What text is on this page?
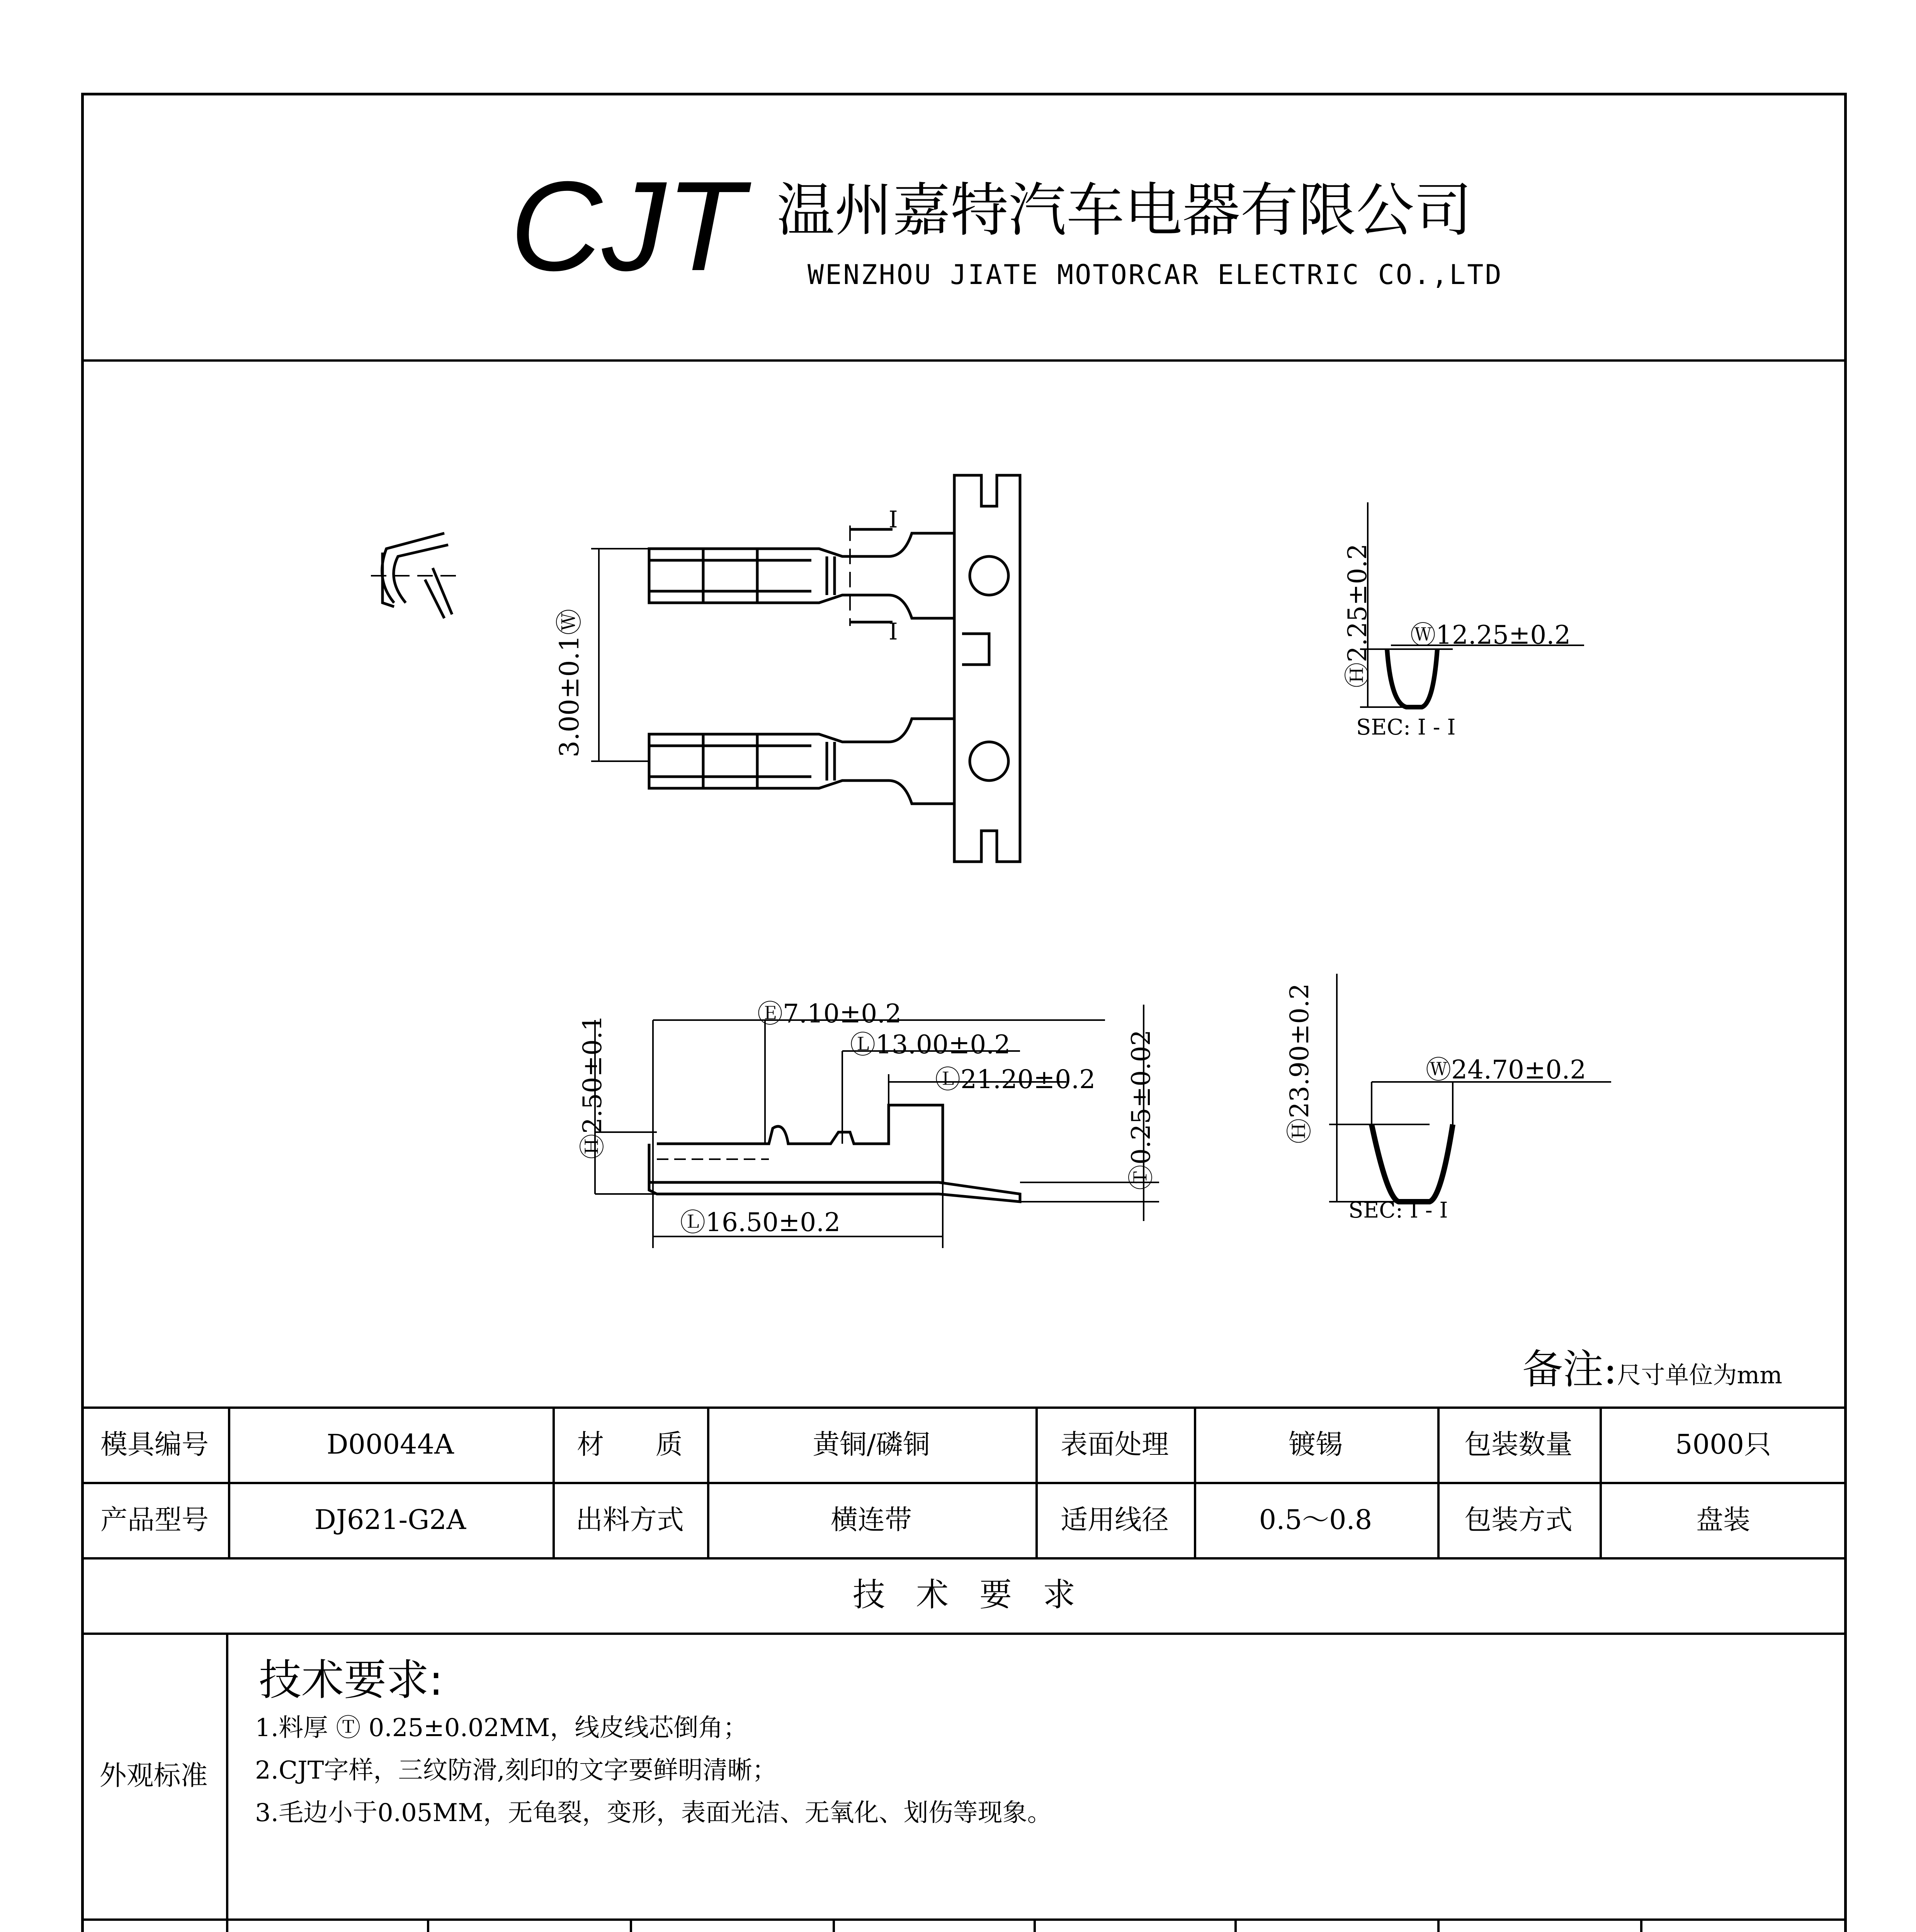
CJT 温州嘉特汽车电器有限公司
WENZHOU JIATE MOTORCAR ELECTRIC CO.,LTD
3.00±0.1Ⓦ
I
I	Ⓗ2.25±0.2 Ⓦ12.25±0.2
SEC: I - I
Ⓗ2.50±0.1
Ⓔ7.10±0.2
Ⓛ13.00±0.2
Ⓛ21.20±0.2 Ⓣ0.25±0.02
Ⓛ16.50±0.2
Ⓗ23.90±0.2	Ⓦ24.70±0.2
SEC: I - I
备注:尺寸单位为mm
模具编号	D00044A	材      质	黄铜/磷铜	表面处理	镀锡	包装数量	5000只
产品型号	DJ621-G2A	出料方式	横连带	适用线径	0.5～0.8	包装方式	盘装
技   术   要   求
外观标准
技术要求:
1.料厚 Ⓣ 0.25±0.02MM，线皮线芯倒角；
2.CJT字样，三纹防滑,刻印的文字要鲜明清晰；
3.毛边小于0.05MM，无龟裂，变形，表面光洁、无氧化、划伤等现象。
